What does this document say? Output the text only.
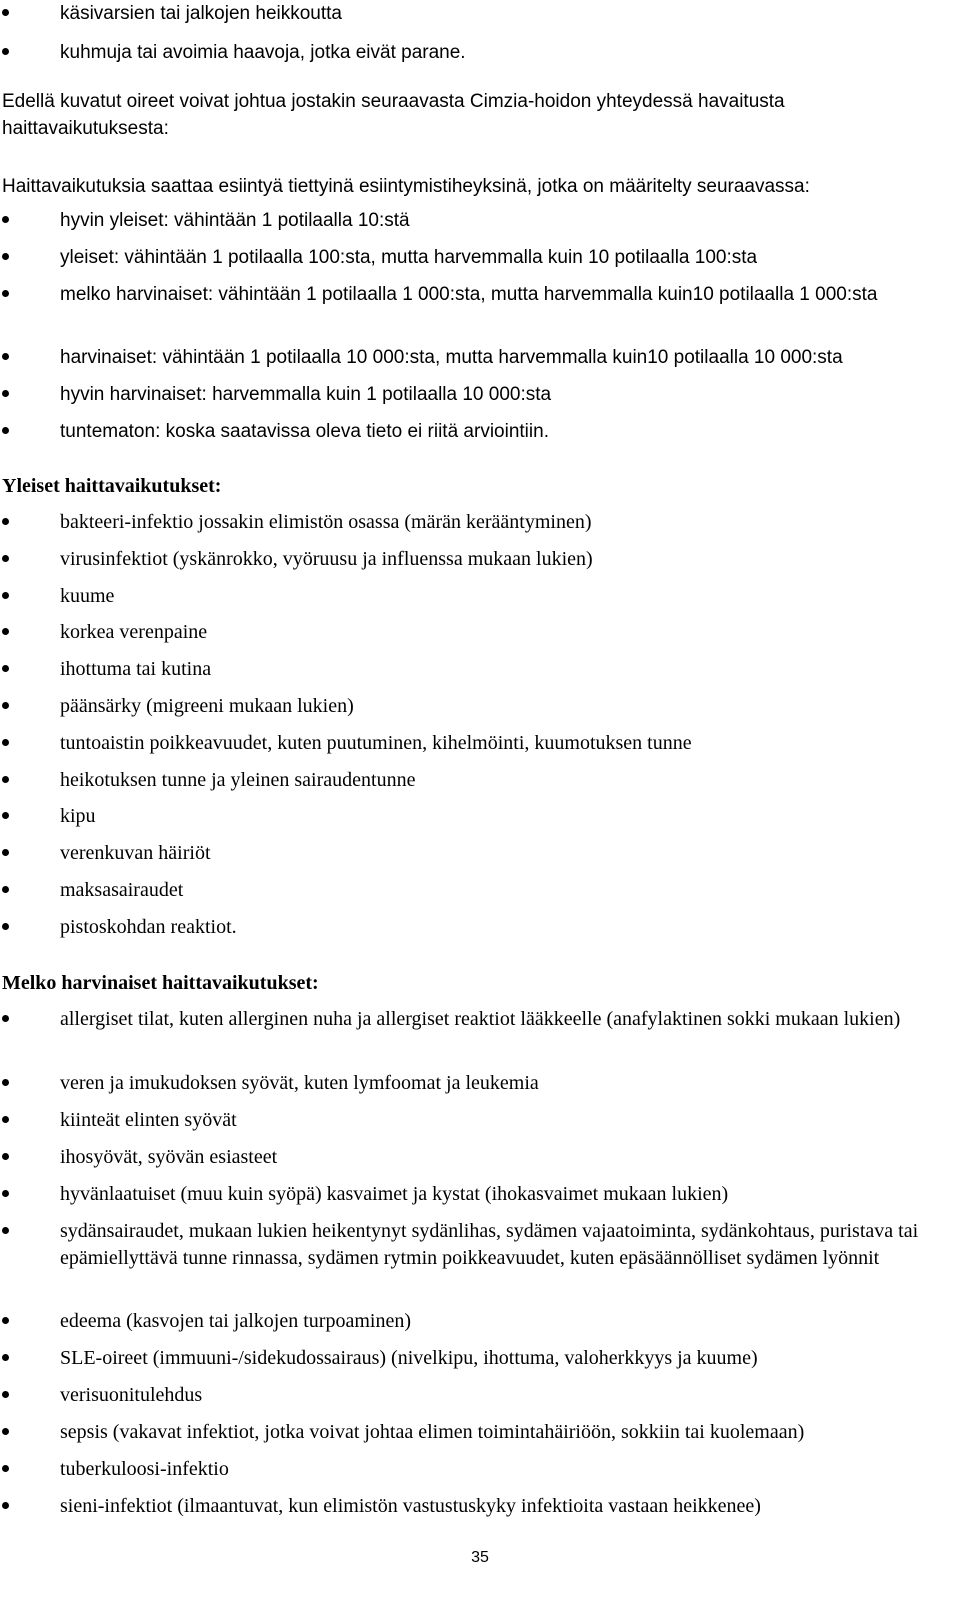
käsivarsien tai jalkojen heikkoutta
kuhmuja tai avoimia haavoja, jotka eivät parane.
Edellä kuvatut oireet voivat johtua jostakin seuraavasta Cimzia-hoidon yhteydessä havaitusta haittavaikutuksesta:
Haittavaikutuksia saattaa esiintyä tiettyinä esiintymistiheyksinä, jotka on määritelty seuraavassa:
hyvin yleiset: vähintään 1 potilaalla 10:stä
yleiset: vähintään 1 potilaalla 100:sta, mutta harvemmalla kuin 10 potilaalla 100:sta
melko harvinaiset: vähintään 1 potilaalla 1 000:sta, mutta harvemmalla kuin10 potilaalla 1 000:sta
harvinaiset: vähintään 1 potilaalla 10 000:sta, mutta harvemmalla kuin10 potilaalla 10 000:sta
hyvin harvinaiset: harvemmalla kuin 1 potilaalla 10 000:sta
tuntematon: koska saatavissa oleva tieto ei riitä arviointiin.
Yleiset haittavaikutukset:
bakteeri-infektio jossakin elimistön osassa (märän kerääntyminen)
virusinfektiot (yskänrokko, vyöruusu ja influenssa mukaan lukien)
kuume
korkea verenpaine
ihottuma tai kutina
päänsärky (migreeni mukaan lukien)
tuntoaistin poikkeavuudet, kuten puutuminen, kihelmöinti, kuumotuksen tunne
heikotuksen tunne ja yleinen sairaudentunne
kipu
verenkuvan häiriöt
maksasairaudet
pistoskohdan reaktiot.
Melko harvinaiset haittavaikutukset:
allergiset tilat, kuten allerginen nuha ja allergiset reaktiot lääkkeelle (anafylaktinen sokki mukaan lukien)
veren ja imukudoksen syövät, kuten lymfoomat ja leukemia
kiinteät elinten syövät
ihosyövät, syövän esiasteet
hyvänlaatuiset (muu kuin syöpä) kasvaimet ja kystat (ihokasvaimet mukaan lukien)
sydänsairaudet, mukaan lukien heikentynyt sydänlihas, sydämen vajaatoiminta, sydänkohtaus, puristava tai epämiellyttävä tunne rinnassa, sydämen rytmin poikkeavuudet, kuten epäsäännölliset sydämen lyönnit
edeema (kasvojen tai jalkojen turpoaminen)
SLE-oireet (immuuni-/sidekudossairaus) (nivelkipu, ihottuma, valoherkkyys ja kuume)
verisuonitulehdus
sepsis (vakavat infektiot, jotka voivat johtaa elimen toimintahäiriöön, sokkiin tai kuolemaan)
tuberkuloosi-infektio
sieni-infektiot (ilmaantuvat, kun elimistön vastustuskyky infektioita vastaan heikkenee)
35
